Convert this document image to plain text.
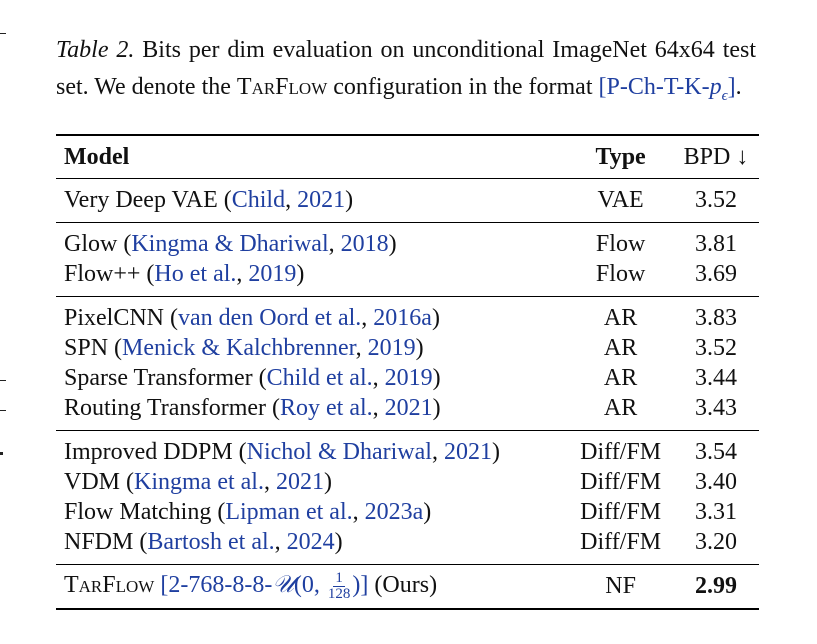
Table 2. Bits per dim evaluation on unconditional ImageNet 64x64 test set. We denote the TarFlow configuration in the format $[P-Ch-T-K-p_\epsilon]$.
Model	Type	BPD ↓
Very Deep VAE (Child, 2021)	VAE	3.52
Glow (Kingma & Dhariwal, 2018)	Flow	3.81
Flow++ (Ho et al., 2019)	Flow	3.69
PixelCNN (van den Oord et al., 2016a)	AR	3.83
SPN (Menick & Kalchbrenner, 2019)	AR	3.52
Sparse Transformer (Child et al., 2019)	AR	3.44
Routing Transformer (Roy et al., 2021)	AR	3.43
Improved DDPM (Nichol & Dhariwal, 2021)	Diff/FM	3.54
VDM (Kingma et al., 2021)	Diff/FM	3.40
Flow Matching (Lipman et al., 2023a)	Diff/FM	3.31
NFDM (Bartosh et al., 2024)	Diff/FM	3.20
TarFlow [2-768-8-8-𝒰(0, $\frac{1}{128}$ )] (Ours)	NF	2.99
